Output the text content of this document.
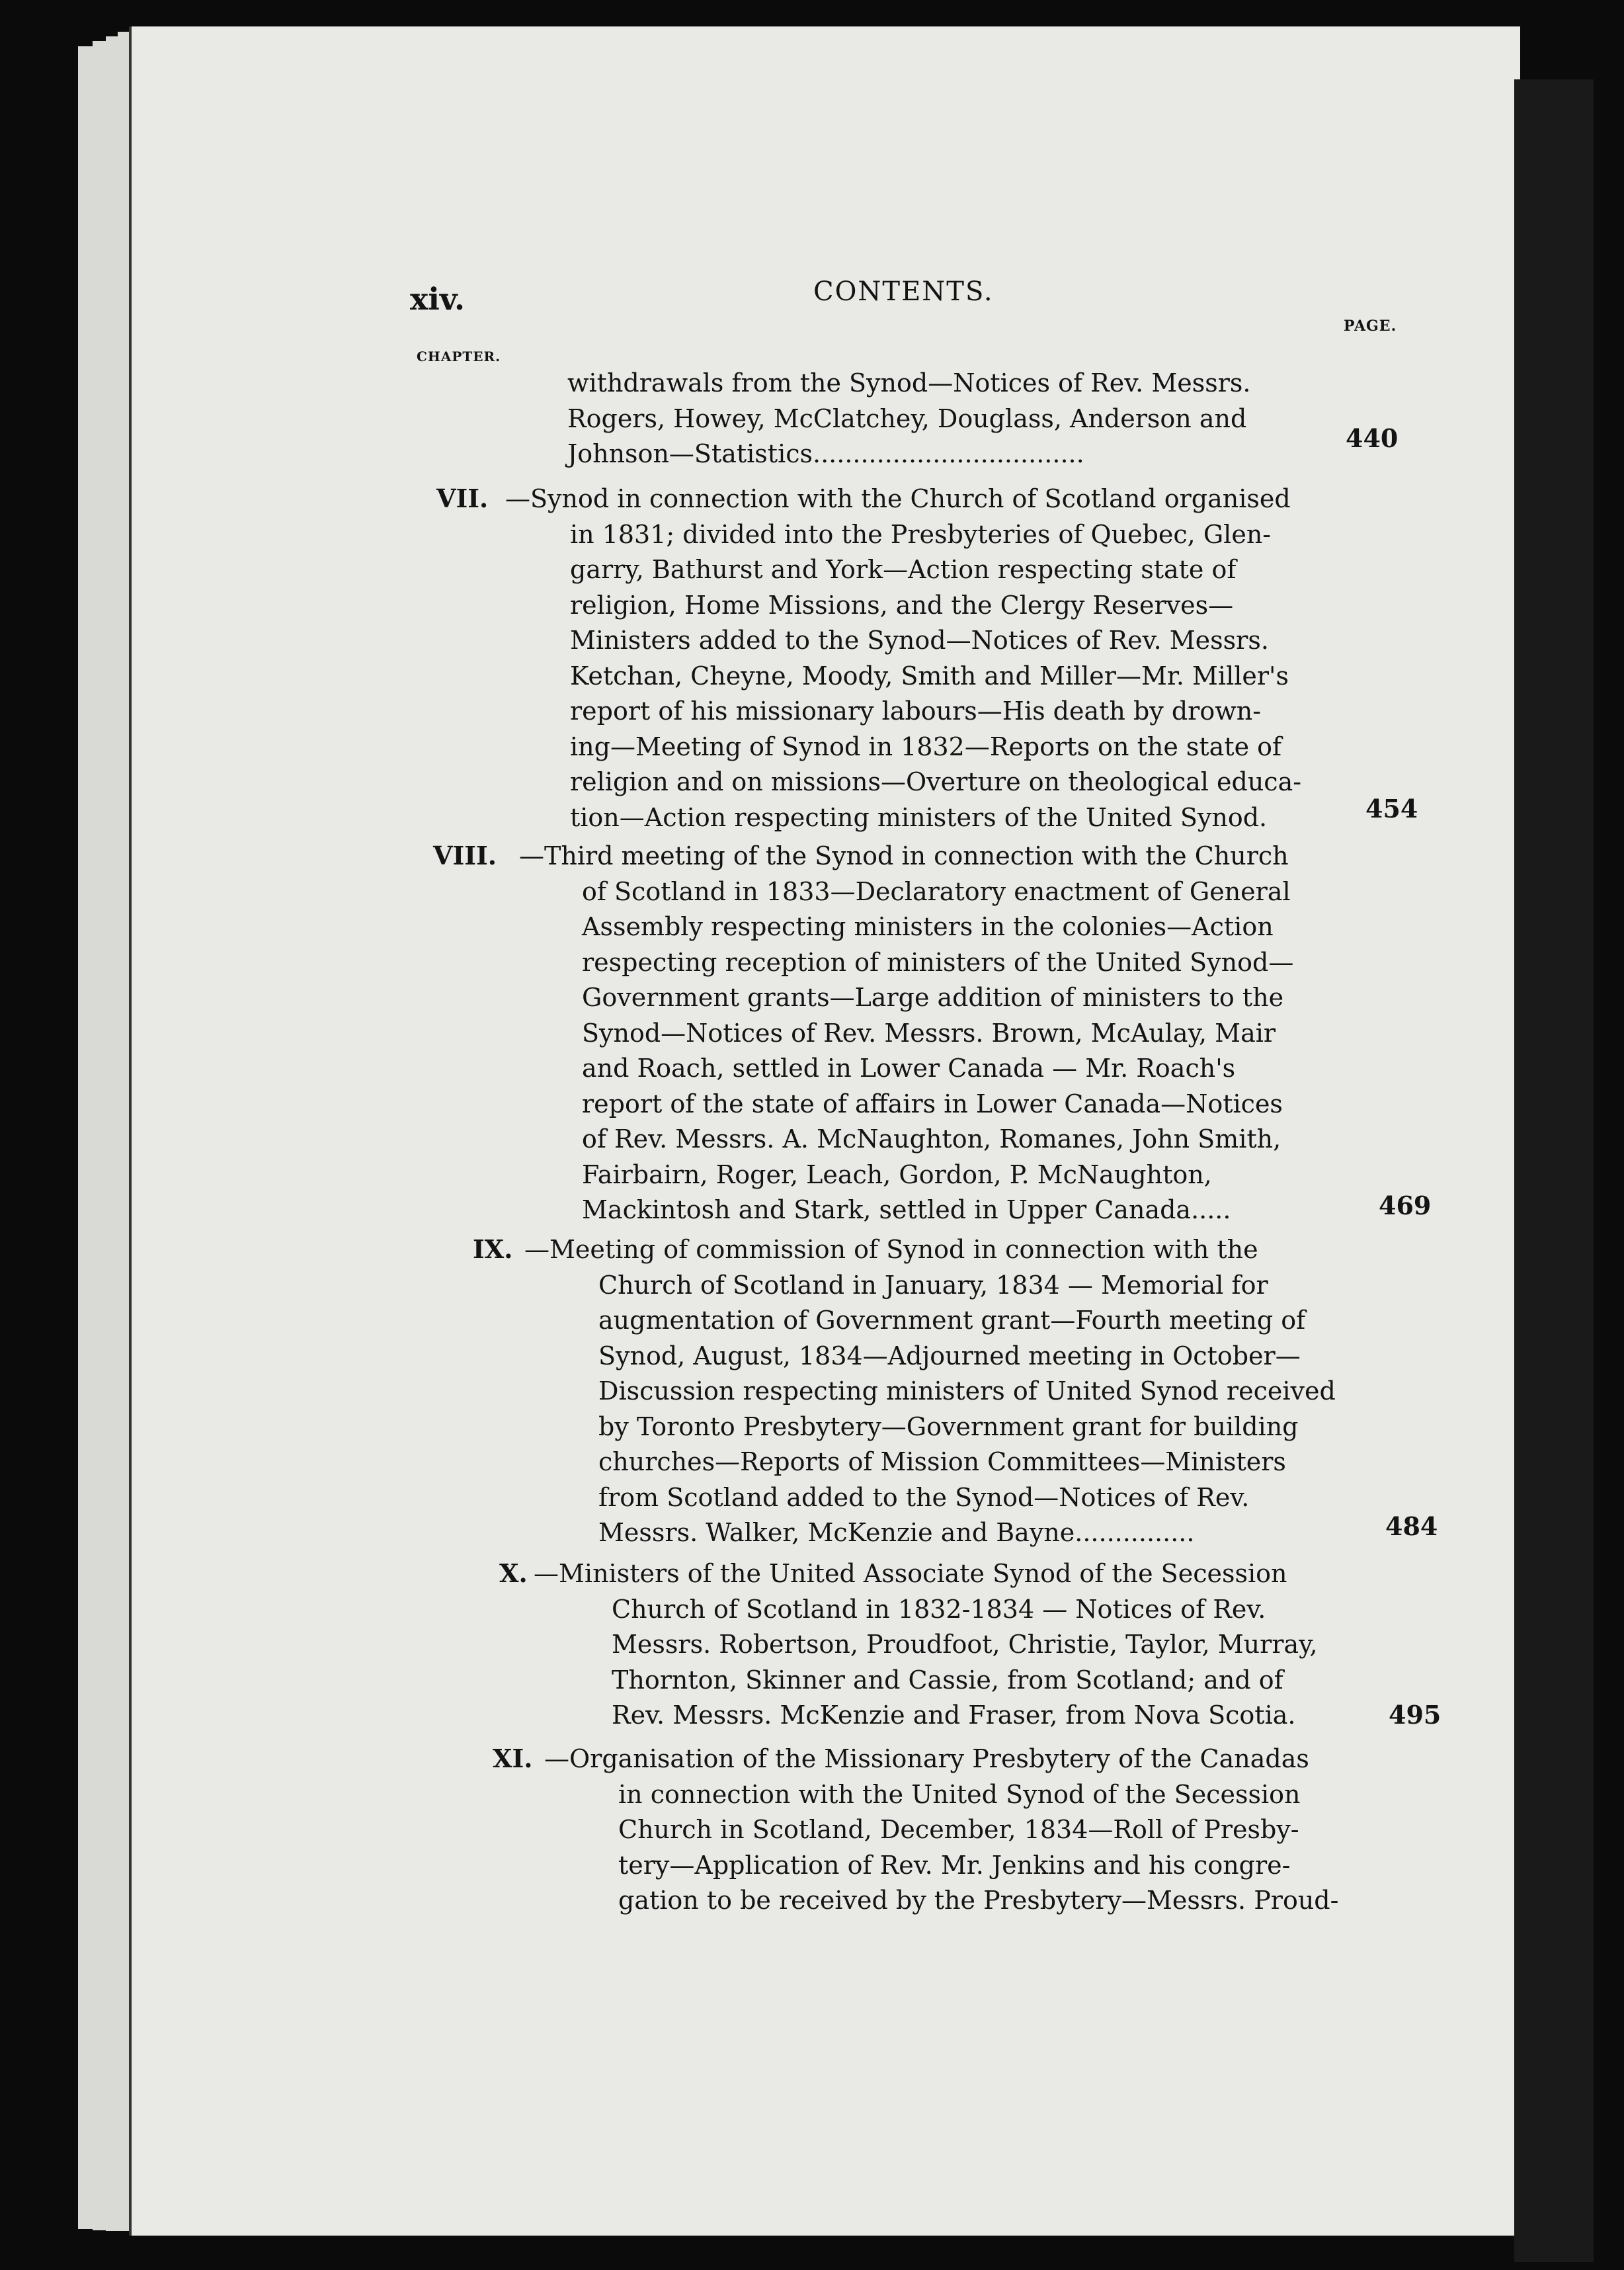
xiv.	CONTENTS.
PAGE.
CHAPTER.
withdrawals from the Synod—Notices of Rev. Messrs.
Rogers, Howey, McClatchey, Douglass, Anderson and
Johnson—Statistics..................................
440
VII. —Synod in connection with the Church of Scotland organised
in 1831; divided into the Presbyteries of Quebec, Glen-
garry, Bathurst and York—Action respecting state of
religion, Home Missions, and the Clergy Reserves—
Ministers added to the Synod—Notices of Rev. Messrs.
Ketchan, Cheyne, Moody, Smith and Miller—Mr. Miller's
report of his missionary labours—His death by drown-
ing—Meeting of Synod in 1832—Reports on the state of
religion and on missions—Overture on theological educa-
tion—Action respecting ministers of the United Synod.	454
VIII. —Third meeting of the Synod in connection with the Church
of Scotland in 1833—Declaratory enactment of General
Assembly respecting ministers in the colonies—Action
respecting reception of ministers of the United Synod—
Government grants—Large addition of ministers to the
Synod—Notices of Rev. Messrs. Brown, McAulay, Mair
and Roach, settled in Lower Canada — Mr. Roach's
report of the state of affairs in Lower Canada—Notices
of Rev. Messrs. A. McNaughton, Romanes, John Smith,
Fairbairn, Roger, Leach, Gordon, P. McNaughton,
Mackintosh and Stark, settled in Upper Canada.....	469
IX. —Meeting of commission of Synod in connection with the
Church of Scotland in January, 1834 — Memorial for
augmentation of Government grant—Fourth meeting of
Synod, August, 1834—Adjourned meeting in October—
Discussion respecting ministers of United Synod received
by Toronto Presbytery—Government grant for building
churches—Reports of Mission Committees—Ministers
from Scotland added to the Synod—Notices of Rev.
Messrs. Walker, McKenzie and Bayne...............	484
X. —Ministers of the United Associate Synod of the Secession
Church of Scotland in 1832-1834 — Notices of Rev.
Messrs. Robertson, Proudfoot, Christie, Taylor, Murray,
Thornton, Skinner and Cassie, from Scotland; and of
Rev. Messrs. McKenzie and Fraser, from Nova Scotia.	495
XI. —Organisation of the Missionary Presbytery of the Canadas
in connection with the United Synod of the Secession
Church in Scotland, December, 1834—Roll of Presby-
tery—Application of Rev. Mr. Jenkins and his congre-
gation to be received by the Presbytery—Messrs. Proud-
